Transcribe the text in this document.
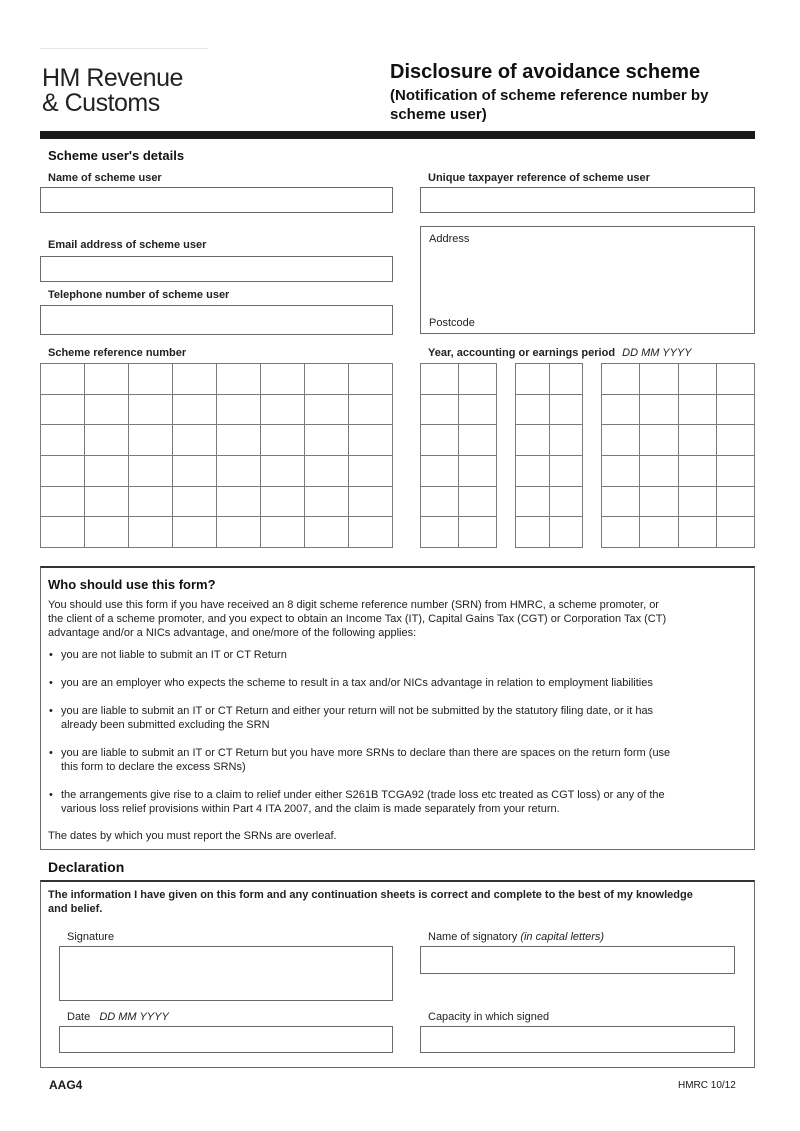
HM Revenue
& Customs
Disclosure of avoidance scheme
(Notification of scheme reference number by
scheme user)
Scheme user's details
Name of scheme user	Unique taxpayer reference of scheme user
Email address of scheme user	Address
Postcode
Telephone number of scheme user
Scheme reference number	Year, accounting or earnings period DD MM YYYY

Who should use this form?
You should use this form if you have received an 8 digit scheme reference number (SRN) from HMRC, a scheme promoter, or
the client of a scheme promoter, and you expect to obtain an Income Tax (IT), Capital Gains Tax (CGT) or Corporation Tax (CT)
advantage and/or a NICs advantage, and one/more of the following applies:
• you are not liable to submit an IT or CT Return
• you are an employer who expects the scheme to result in a tax and/or NICs advantage in relation to employment liabilities
• you are liable to submit an IT or CT Return and either your return will not be submitted by the statutory filing date, or it has
already been submitted excluding the SRN
• you are liable to submit an IT or CT Return but you have more SRNs to declare than there are spaces on the return form (use
this form to declare the excess SRNs)
• the arrangements give rise to a claim to relief under either S261B TCGA92 (trade loss etc treated as CGT loss) or any of the
various loss relief provisions within Part 4 ITA 2007, and the claim is made separately from your return.
The dates by which you must report the SRNs are overleaf.
Declaration
The information I have given on this form and any continuation sheets is correct and complete to the best of my knowledge
and belief.
Signature	Name of signatory (in capital letters)
Date DD MM YYYY	Capacity in which signed
AAG4	HMRC 10/12
